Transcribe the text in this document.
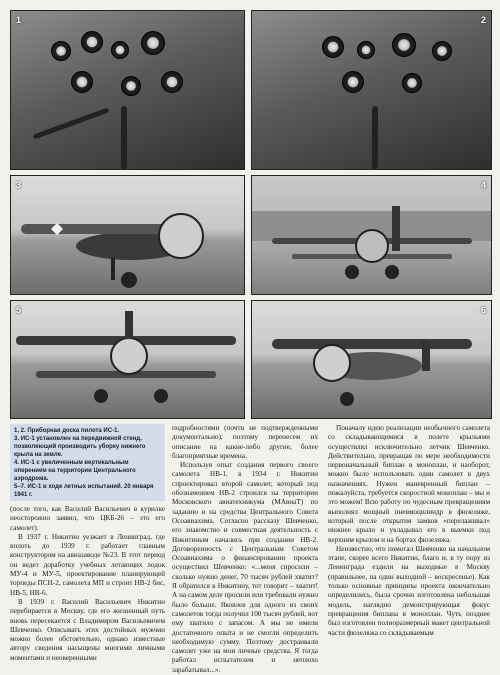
1	2
3	4
5	6
1, 2. Приборная доска пилота ИС-1.
3. ИС-1 установлен на передвижной стенд, позволяющий производить уборку нижнего крыла на земле.
4. ИС-1 с увеличенным вертикальным оперением на территории Центрального аэродрома.
5–7. ИС-1 в ходе летных испытаний. 20 января 1941 г.

(после того, как Василий Васильевич в курилке неосторожно заявил, что ЦКБ-26 – это его самолет).

В 1937 г. Никитин уезжает в Ленинград, где вплоть до 1939 г. работает главным конструктором на авиазаводе №23. В этот период он ведет доработку учебных летающих лодок МУ-4 и МУ-5, проектирование планирующей торпеды ПСН-2, самолета МП и строит НВ-2 бис, НВ-5, НВ-6.

В 1939 г. Василий Васильевич Никитин перебирается в Москву, где его жизненный путь вновь пересекается с Владимиром Васильевичем Шевченко. Описывать этих достойных мужчин можно более обстоятельно, однако известные автору сведения насыщены многими личными моментами и неоверенными

подробностями (почти не подтвержденными документально), поэтому перенесем их описание на какие-либо другие, более благоприятные времена.

Используя опыт создания первого своего самолета НВ-1, в 1934 г. Никитин спроектировал второй самолет, который под обозначением НВ-2 строился на территории Московского авиатехникума (МАвиаТ) по заданию и на средства Центрального Совета Осоавиахима. Согласно рассказу Шевченко, его знакомство и совместная деятельность с Никитиным начались при создании НВ-2. Договоренность с Центральным Советом Осоавиахима о финансировании проекта осуществил Шевченко: «...меня спросили – сколько нужно денег, 70 тысяч рублей хватит? Я обратился к Никитину, тот говорит – хватит! А на самом деле просили или требовали нужно было больше. Яковлев для одного из своих самолетов тогда получил 100 тысяч рублей, вот ему хватило с запасом. А мы не имели достаточного опыта и не смогли определить необходимую сумму. Поэтому достраивали самолет уже на мои личные средства. Я тогда работал испытателем и неплохо зарабатывал...».

Поначалу идею реализации необычного самолета со складывающимися в полете крыльями осуществлял исключительно летчик Шевченко. Действительно, превращая по мере необходимости первоначальный биплан в моноплан, и наоборот, можно было использовать один самолет в двух назначениях. Нужен маневренный биплан – пожалуйста, требуется скоростной моноплан – мы и это можем! Всю работу по чудесным превращениям выполнял мощный пневмоцилиндр в фюзеляже, который после открытия замков «перелаживал» нижнее крыло и укладывал его в выемки под верхним крылом и на бортах фюзеляжа.

Неизвестно, что помогал Шевченко на начальном этапе, скорее всего Никитин, благо и, в ту пору из Ленинграда ездили на выходные в Москву (правильнее, на один выходной – воскресенье). Как только основные принципы проекта окончательно определились, была срочно изготовлена небольшая модель, наглядно демонстрирующая фокус превращения биплана в моноплан. Чуть позднее был изготовлен полноразмерный макет центральной части фюзеляжа со складываемым
